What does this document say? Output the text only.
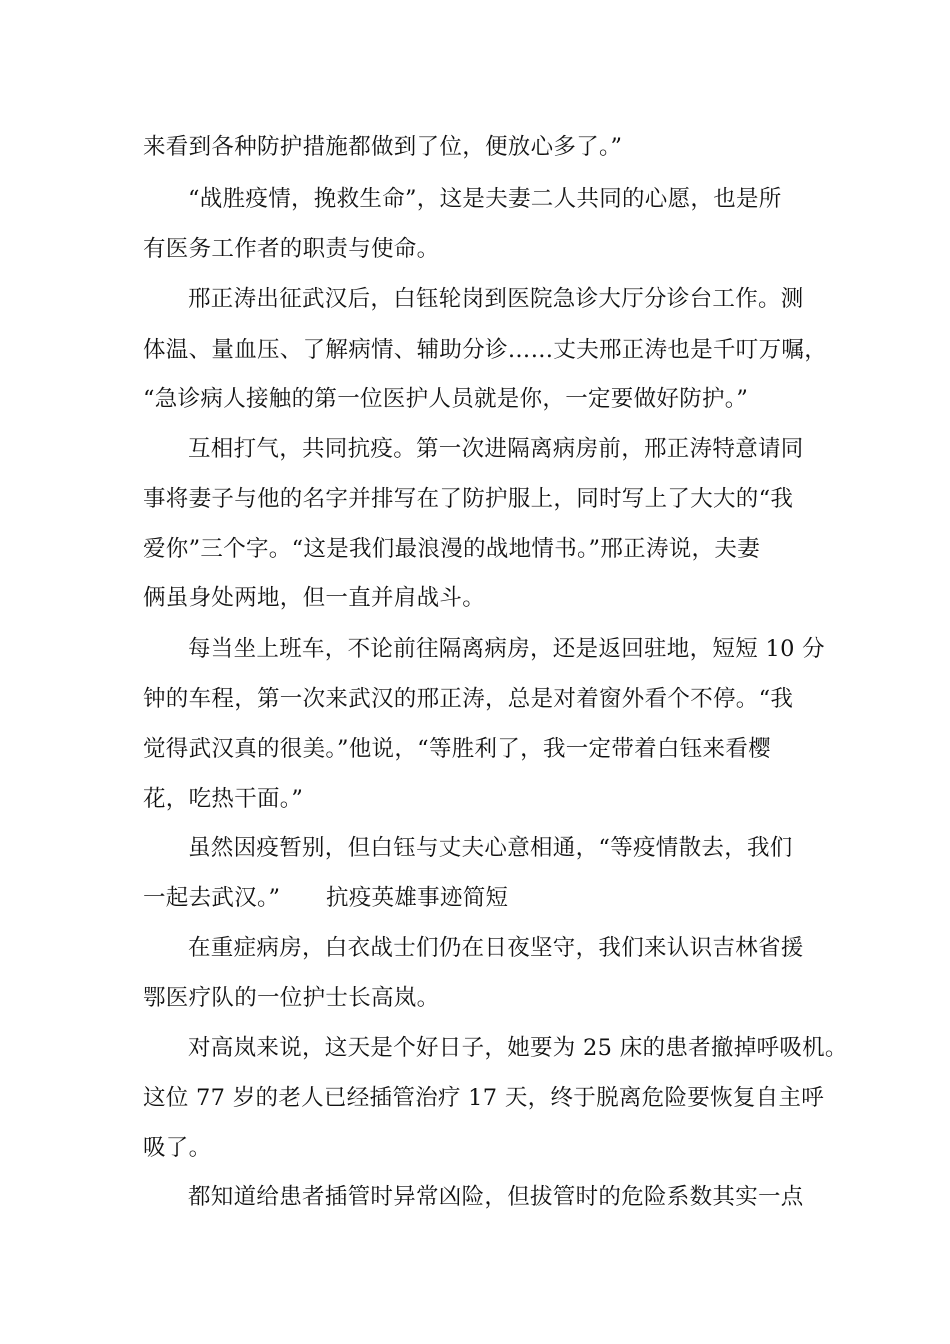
来看到各种防护措施都做到了位，便放心多了。”
“战胜疫情，挽救生命”，这是夫妻二人共同的心愿，也是所
有医务工作者的职责与使命。
邢正涛出征武汉后，白钰轮岗到医院急诊大厅分诊台工作。测
体温、量血压、了解病情、辅助分诊……丈夫邢正涛也是千叮万嘱，
“急诊病人接触的第一位医护人员就是你，一定要做好防护。”
互相打气，共同抗疫。第一次进隔离病房前，邢正涛特意请同
事将妻子与他的名字并排写在了防护服上，同时写上了大大的“我
爱你”三个字。“这是我们最浪漫的战地情书。”邢正涛说，夫妻
俩虽身处两地，但一直并肩战斗。
每当坐上班车，不论前往隔离病房，还是返回驻地，短短 10 分
钟的车程，第一次来武汉的邢正涛，总是对着窗外看个不停。“我
觉得武汉真的很美。”他说，“等胜利了，我一定带着白钰来看樱
花，吃热干面。”
虽然因疫暂别，但白钰与丈夫心意相通，“等疫情散去，我们
一起去武汉。”　　抗疫英雄事迹简短
在重症病房，白衣战士们仍在日夜坚守，我们来认识吉林省援
鄂医疗队的一位护士长高岚。
对高岚来说，这天是个好日子，她要为 25 床的患者撤掉呼吸机。
这位 77 岁的老人已经插管治疗 17 天，终于脱离危险要恢复自主呼
吸了。
都知道给患者插管时异常凶险，但拔管时的危险系数其实一点
